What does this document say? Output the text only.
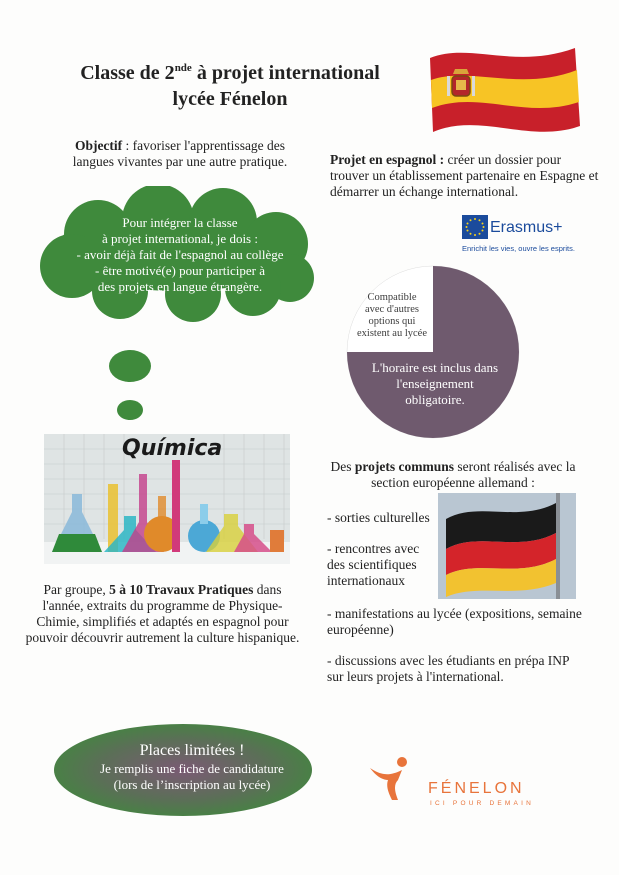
Classe de 2nde à projet international
lycée Fénelon
Objectif : favoriser l'apprentissage des langues vivantes par une autre pratique.	Projet en espagnol : créer un dossier pour trouver un établissement partenaire en Espagne et démarrer un échange international.
Erasmus+
Enrichit les vies, ouvre les esprits.
Pour intégrer la classe
à projet international, je dois :
- avoir déjà fait de l'espagnol au collège
- être motivé(e) pour participer à
des projets en langue étrangère.
Compatible
avec d'autres
options qui
existent au lycée
L'horaire est inclus dans
l'enseignement
obligatoire.
Química
Par groupe, 5 à 10 Travaux Pratiques dans l'année, extraits du programme de Physique-Chimie, simplifiés et adaptés en espagnol pour pouvoir découvrir autrement la culture hispanique.
Des projets communs seront réalisés avec la section européenne allemand :
- sorties culturelles
- rencontres avec des scientifiques internationaux
- manifestations au lycée (expositions, semaine européenne)
- discussions avec les étudiants en prépa INP sur leurs projets à l'international.
Places limitées !
Je remplis une fiche de candidature
(lors de l’inscription au lycée)	FÉNELON
ICI POUR DEMAIN
